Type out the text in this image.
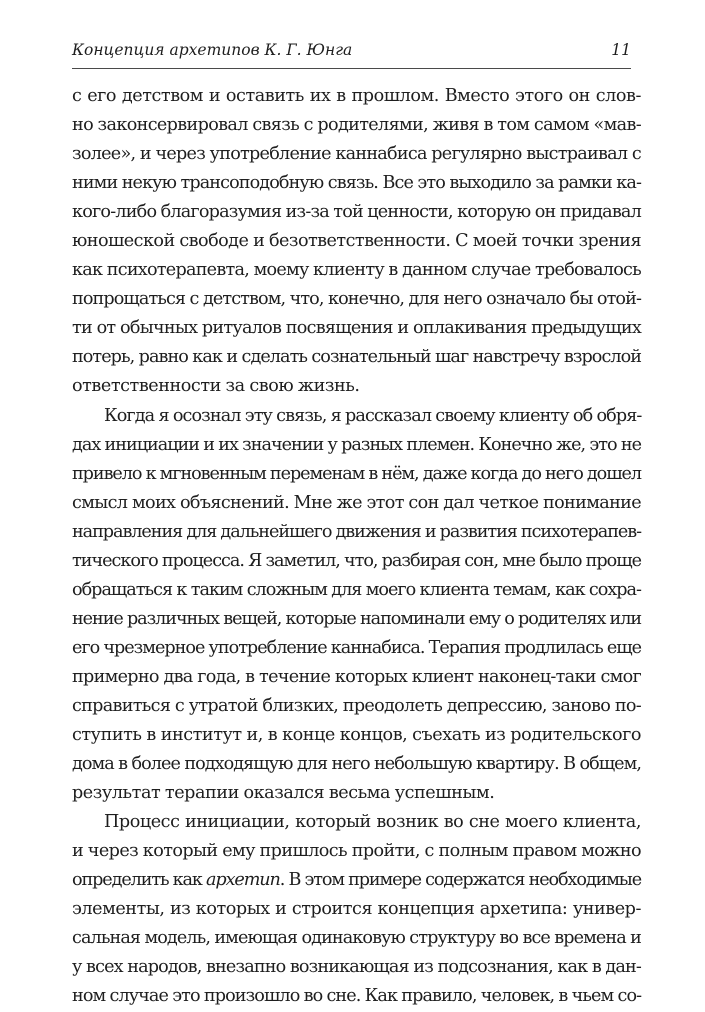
Концепция архетипов К. Г. Юнга	11
с его детством и оставить их в прошлом. Вместо этого он слов-
но законсервировал связь с родителями, живя в том самом «мав-
золее», и через употребление каннабиса регулярно выстраивал с
ними некую трансоподобную связь. Все это выходило за рамки ка-
кого-либо благоразумия из-за той ценности, которую он придавал
юношеской свободе и безответственности. С моей точки зрения
как психотерапевта, моему клиенту в данном случае требовалось
попрощаться с детством, что, конечно, для него означало бы отой-
ти от обычных ритуалов посвящения и оплакивания предыдущих
потерь, равно как и сделать сознательный шаг навстречу взрослой
ответственности за свою жизнь.
Когда я осознал эту связь, я рассказал своему клиенту об обря-
дах инициации и их значении у разных племен. Конечно же, это не
привело к мгновенным переменам в нём, даже когда до него дошел
смысл моих объяснений. Мне же этот сон дал четкое понимание
направления для дальнейшего движения и развития психотерапев-
тического процесса. Я заметил, что, разбирая сон, мне было проще
обращаться к таким сложным для моего клиента темам, как сохра-
нение различных вещей, которые напоминали ему о родителях или
его чрезмерное употребление каннабиса. Терапия продлилась еще
примерно два года, в течение которых клиент наконец-таки смог
справиться с утратой близких, преодолеть депрессию, заново по-
ступить в институт и, в конце концов, съехать из родительского
дома в более подходящую для него небольшую квартиру. В общем,
результат терапии оказался весьма успешным.
Процесс инициации, который возник во сне моего клиента,
и через который ему пришлось пройти, с полным правом можно
определить как архетип. В этом примере содержатся необходимые
элементы, из которых и строится концепция архетипа: универ-
сальная модель, имеющая одинаковую структуру во все времена и
у всех народов, внезапно возникающая из подсознания, как в дан-
ном случае это произошло во сне. Как правило, человек, в чьем со-
